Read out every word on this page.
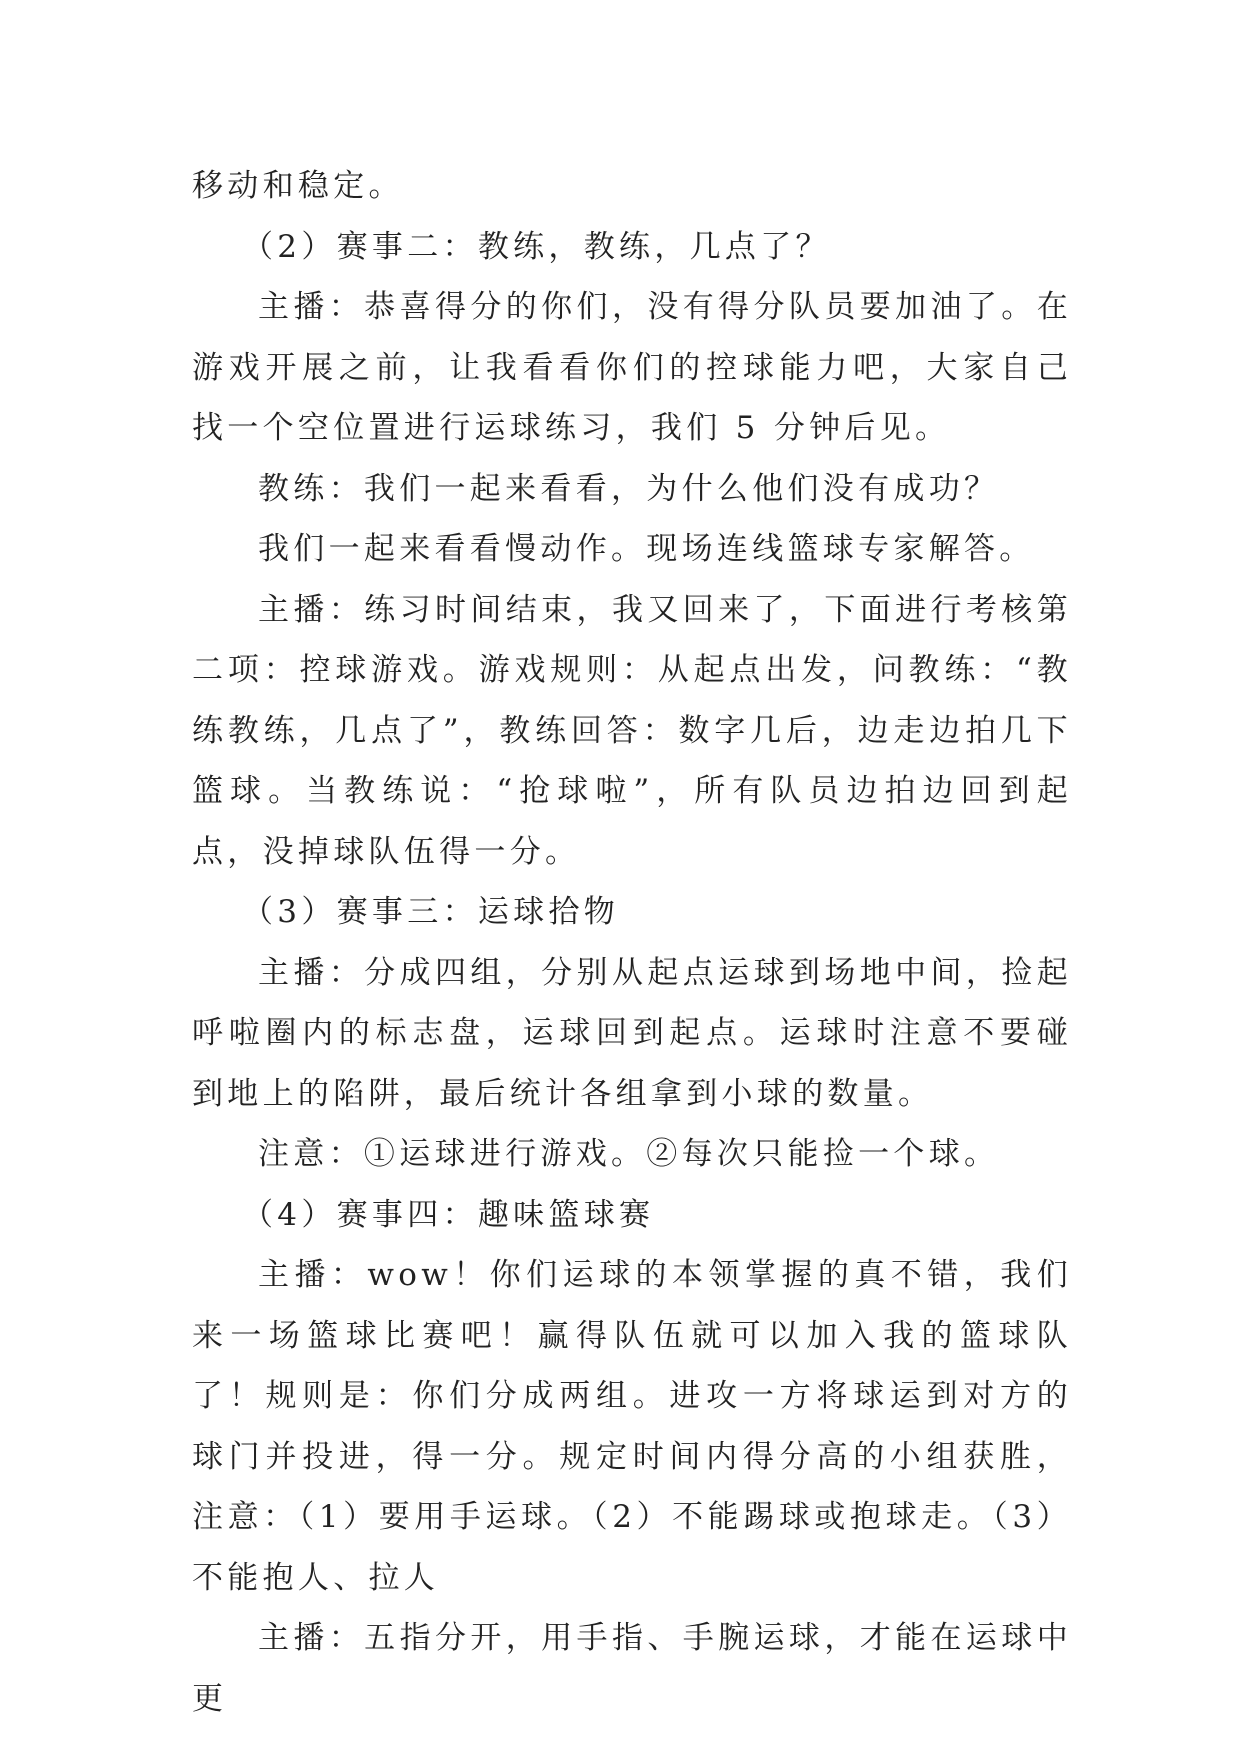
移动和稳定。

（2）赛事二：教练，教练，几点了？

主播：恭喜得分的你们，没有得分队员要加油了。在游戏开展之前，让我看看你们的控球能力吧，大家自己找一个空位置进行运球练习，我们 5 分钟后见。

教练：我们一起来看看，为什么他们没有成功？

我们一起来看看慢动作。现场连线篮球专家解答。

主播：练习时间结束，我又回来了，下面进行考核第二项：控球游戏。游戏规则：从起点出发，问教练：“教练教练，几点了”，教练回答：数字几后，边走边拍几下篮球。当教练说：“抢球啦”，所有队员边拍边回到起点，没掉球队伍得一分。

（3）赛事三：运球拾物

主播：分成四组，分别从起点运球到场地中间，捡起呼啦圈内的标志盘，运球回到起点。运球时注意不要碰到地上的陷阱，最后统计各组拿到小球的数量。

注意：①运球进行游戏。②每次只能捡一个球。

（4）赛事四：趣味篮球赛

主播：wow！你们运球的本领掌握的真不错，我们来一场篮球比赛吧！赢得队伍就可以加入我的篮球队了！规则是：你们分成两组。进攻一方将球运到对方的球门并投进，得一分。规定时间内得分高的小组获胜，注意：（1）要用手运球。（2）不能踢球或抱球走。（3）不能抱人、拉人

主播：五指分开，用手指、手腕运球，才能在运球中更
